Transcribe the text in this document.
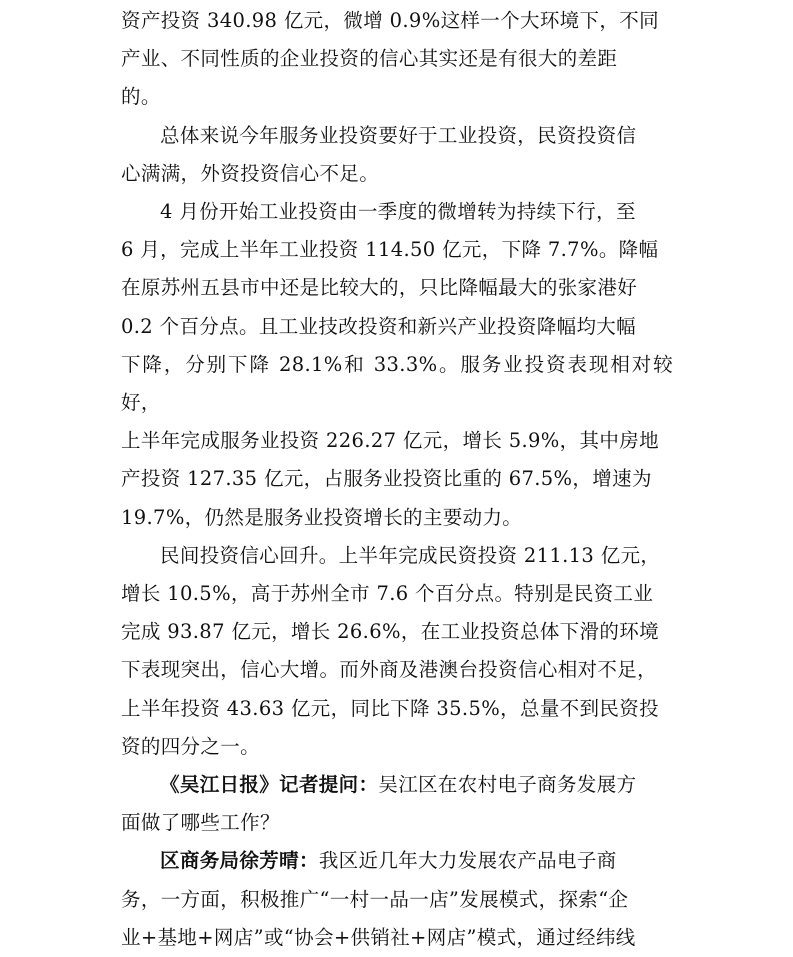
资产投资 340.98 亿元，微增 0.9%这样一个大环境下，不同
产业、不同性质的企业投资的信心其实还是有很大的差距
的。

总体来说今年服务业投资要好于工业投资，民资投资信
心满满，外资投资信心不足。

4 月份开始工业投资由一季度的微增转为持续下行，至
6 月，完成上半年工业投资 114.50 亿元，下降 7.7%。降幅
在原苏州五县市中还是比较大的，只比降幅最大的张家港好
0.2 个百分点。且工业技改投资和新兴产业投资降幅均大幅
下降，分别下降 28.1%和 33.3%。服务业投资表现相对较好，
上半年完成服务业投资 226.27 亿元，增长 5.9%，其中房地
产投资 127.35 亿元，占服务业投资比重的 67.5%，增速为
19.7%，仍然是服务业投资增长的主要动力。

民间投资信心回升。上半年完成民资投资 211.13 亿元，
增长 10.5%，高于苏州全市 7.6 个百分点。特别是民资工业
完成 93.87 亿元，增长 26.6%，在工业投资总体下滑的环境
下表现突出，信心大增。而外商及港澳台投资信心相对不足，
上半年投资 43.63 亿元，同比下降 35.5%，总量不到民资投
资的四分之一。

《吴江日报》记者提问：吴江区在农村电子商务发展方
面做了哪些工作？

区商务局徐芳晴：我区近几年大力发展农产品电子商
务，一方面，积极推广“一村一品一店”发展模式，探索“企
业+基地+网店”或“协会+供销社+网店”模式，通过经纬线
